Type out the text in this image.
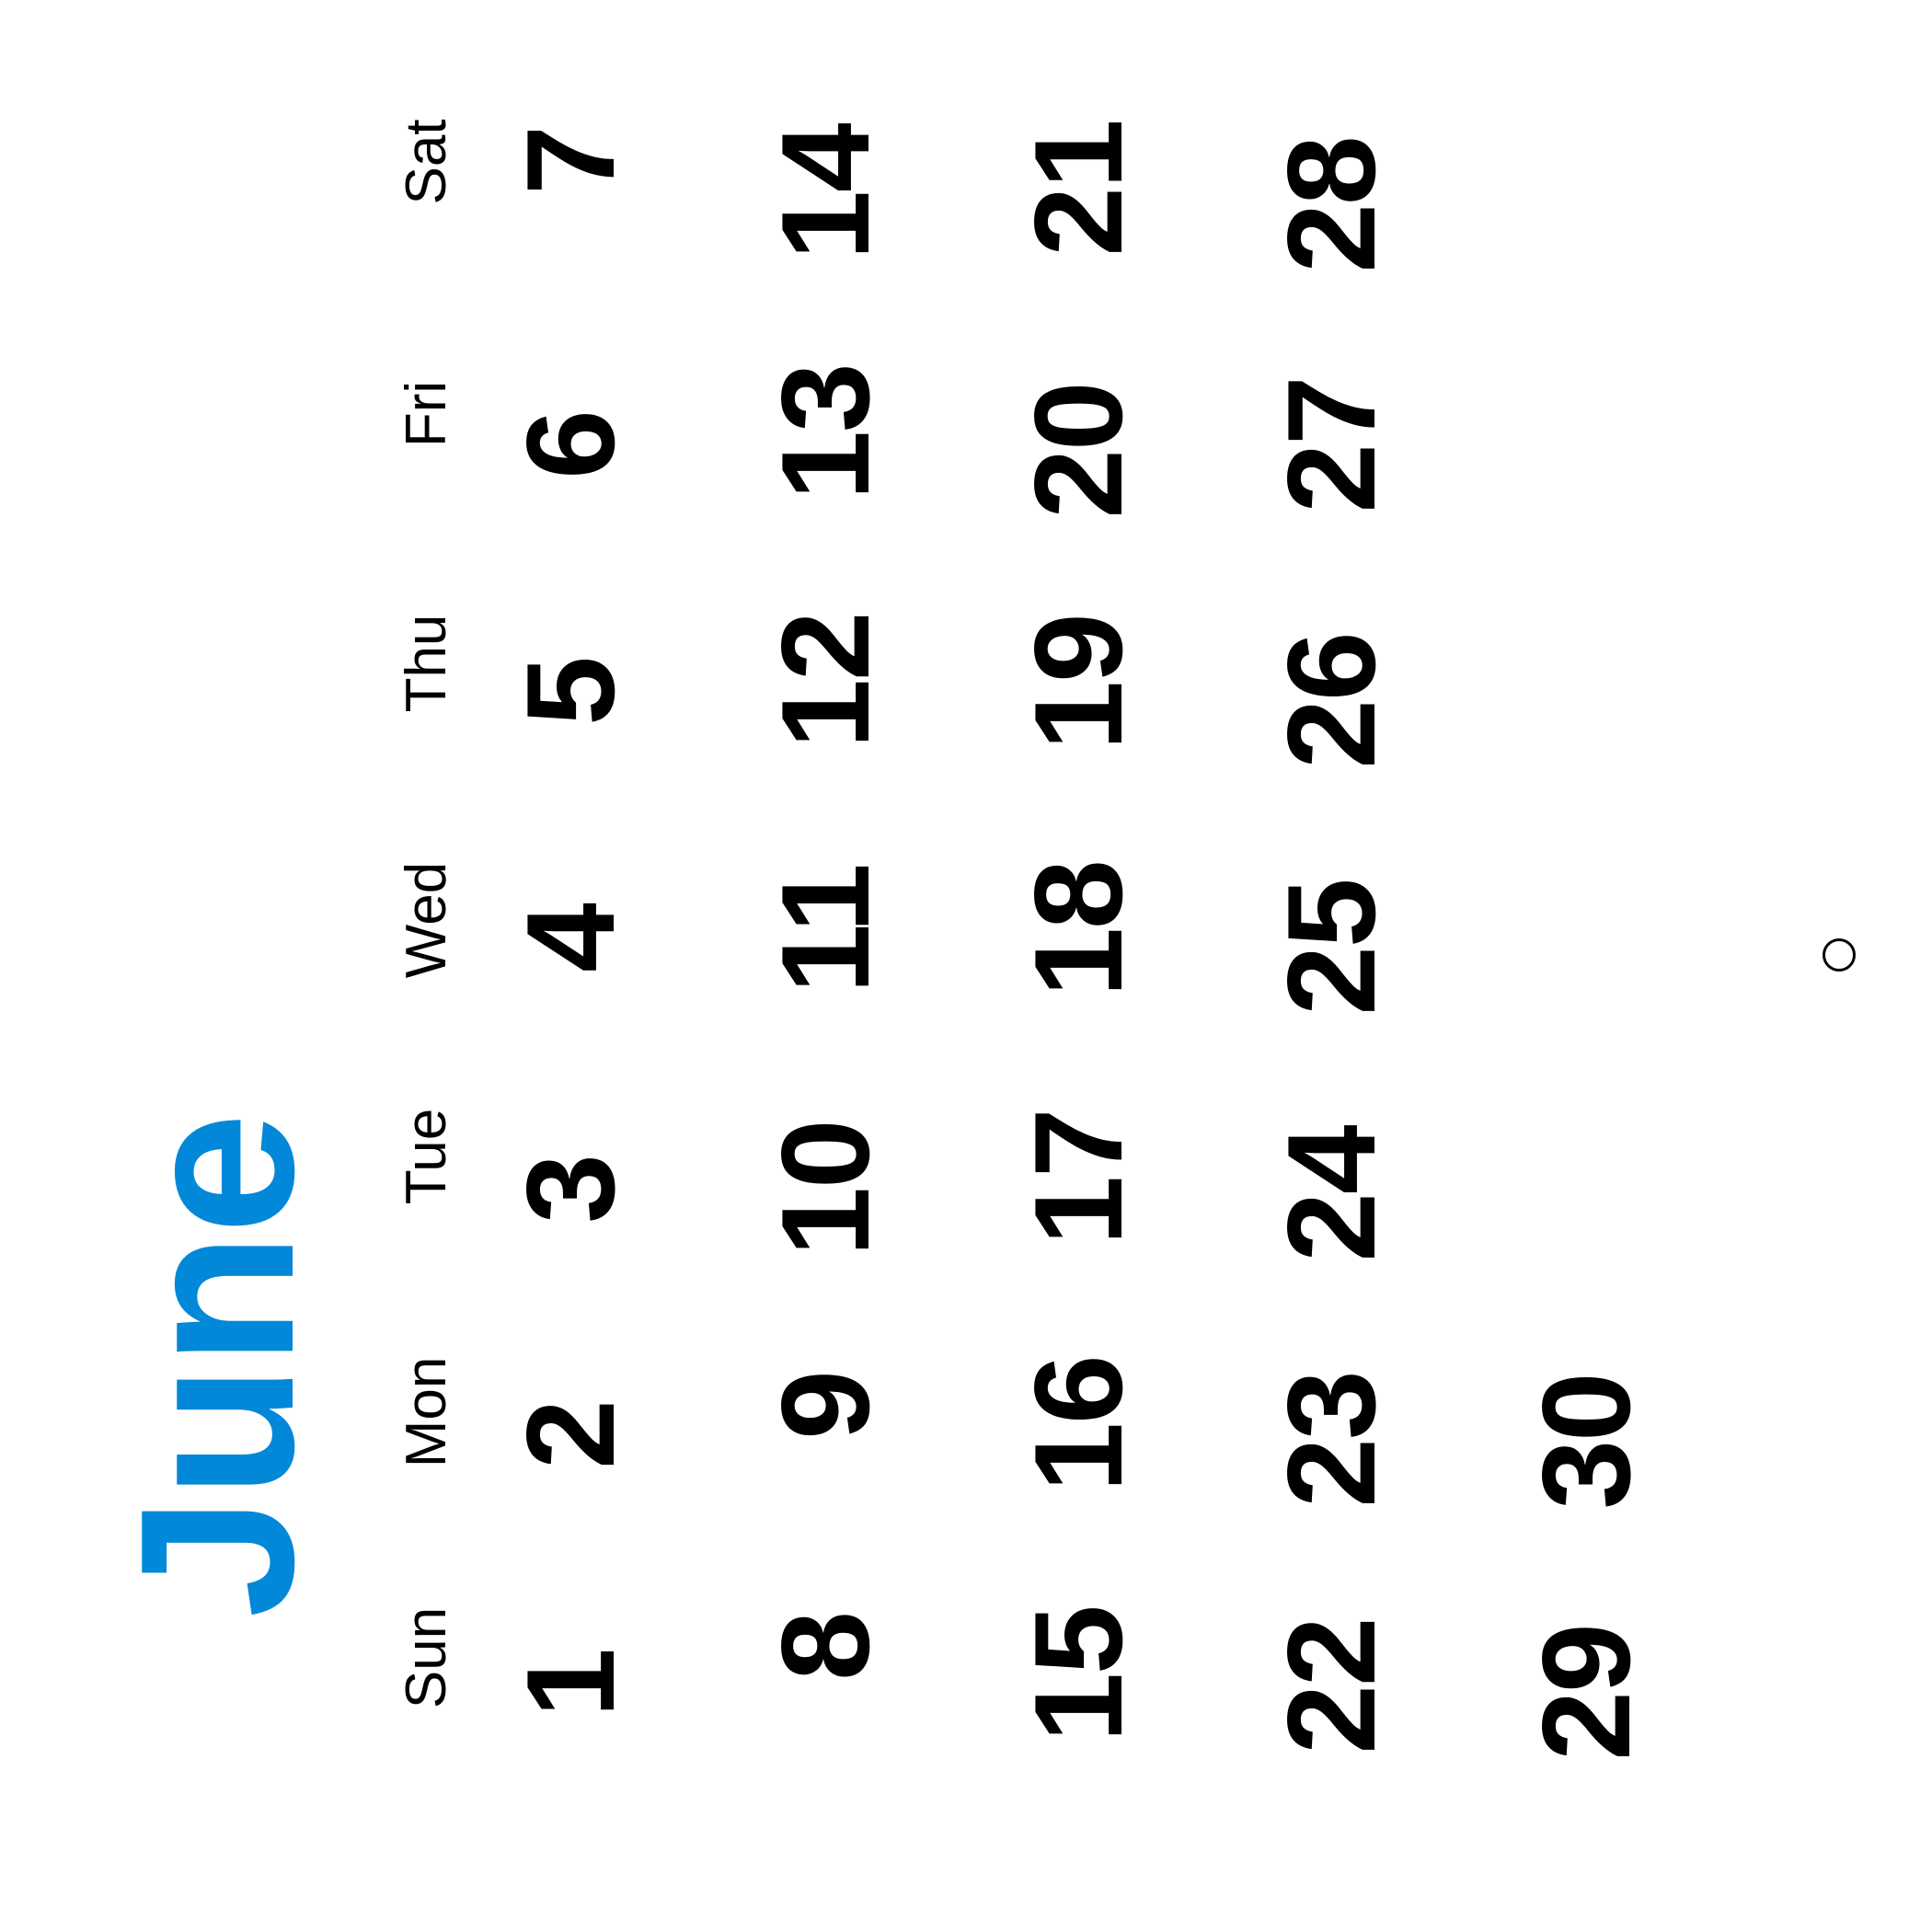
June
Sun
Mon
Tue
Wed
Thu
Fri
Sat
1
2
3
4
5
6
7
8
9
10
11
12
13
14
15
16
17
18
19
20
21
22
23
24
25
26
27
28
29
30
